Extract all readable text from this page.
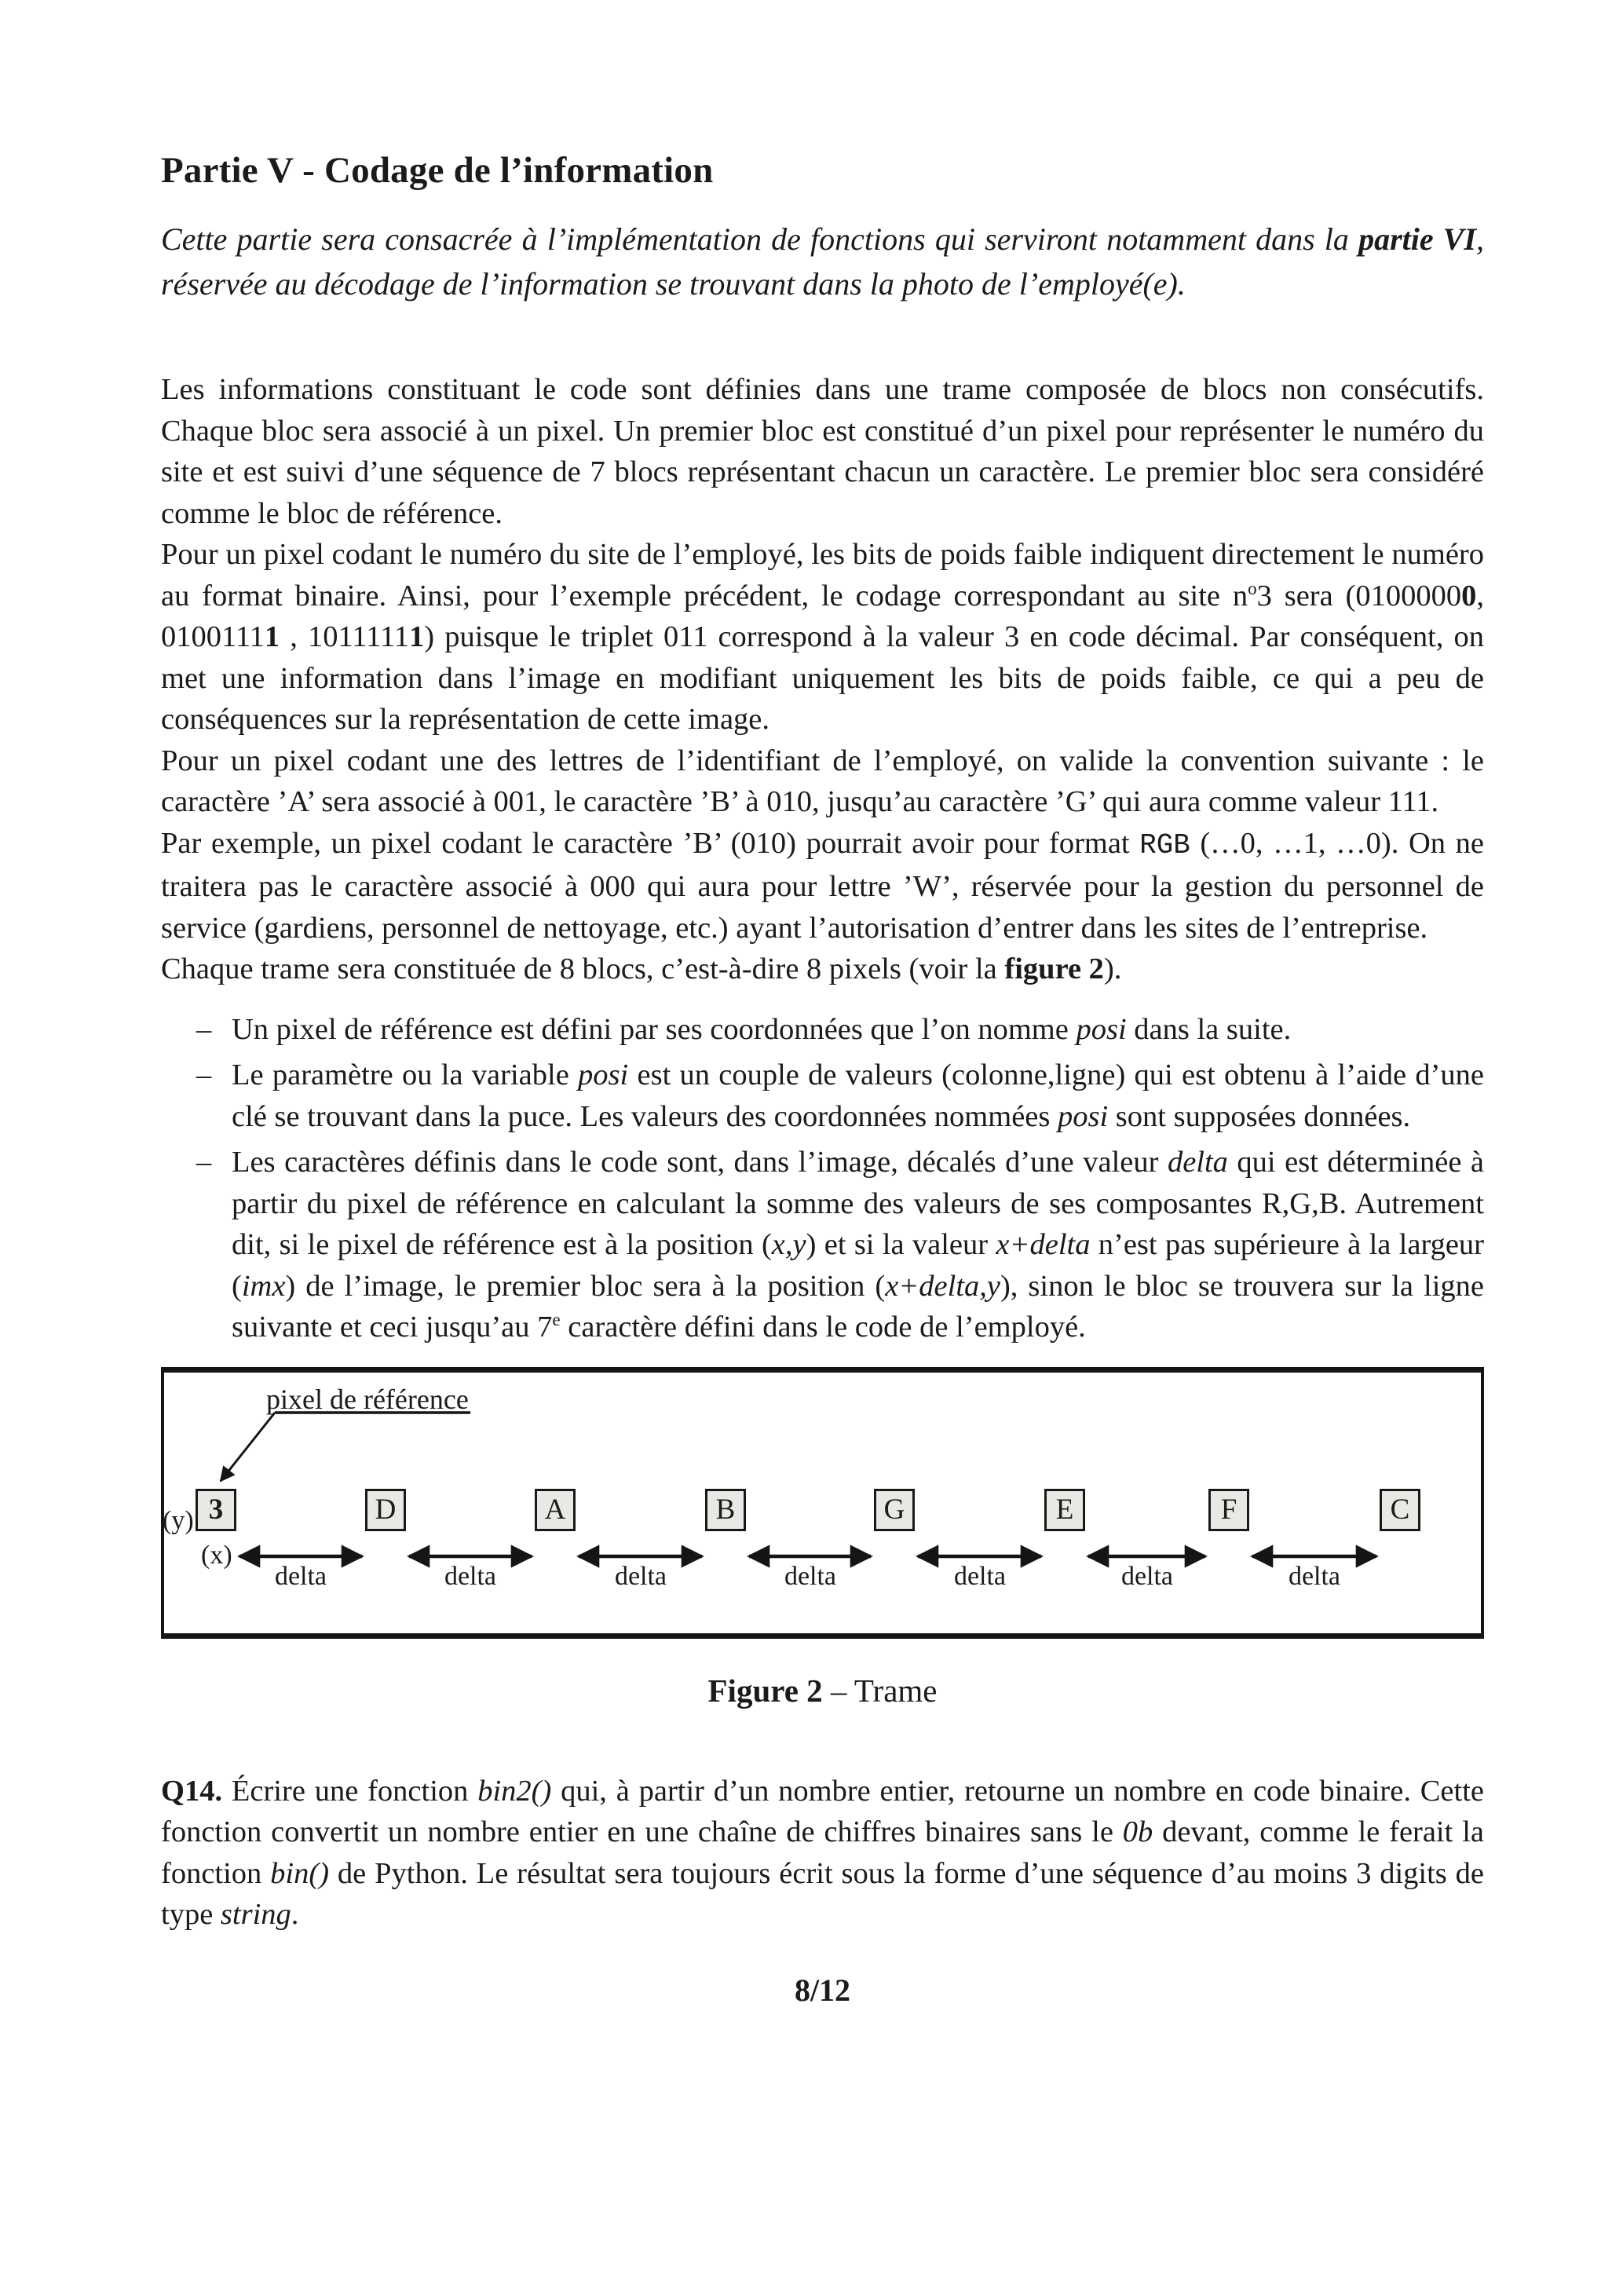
Partie V - Codage de l’information

Cette partie sera consacrée à l’implémentation de fonctions qui serviront notamment dans la partie VI, réservée au décodage de l’information se trouvant dans la photo de l’employé(e).

Les informations constituant le code sont définies dans une trame composée de blocs non consécutifs. Chaque bloc sera associé à un pixel. Un premier bloc est constitué d’un pixel pour représenter le numéro du site et est suivi d’une séquence de 7 blocs représentant chacun un caractère. Le premier bloc sera considéré comme le bloc de référence.

Pour un pixel codant le numéro du site de l’employé, les bits de poids faible indiquent directement le numéro au format binaire. Ainsi, pour l’exemple précédent, le codage correspondant au site $n^o3$ sera (01000000, 01001111 , 10111111) puisque le triplet 011 correspond à la valeur 3 en code décimal. Par conséquent, on met une information dans l’image en modifiant uniquement les bits de poids faible, ce qui a peu de conséquences sur la représentation de cette image.

Pour un pixel codant une des lettres de l’identifiant de l’employé, on valide la convention suivante : le caractère ’A’ sera associé à 001, le caractère ’B’ à 010, jusqu’au caractère ’G’ qui aura comme valeur 111.

Par exemple, un pixel codant le caractère ’B’ (010) pourrait avoir pour format RGB (…0, …1, …0). On ne traitera pas le caractère associé à 000 qui aura pour lettre ’W’, réservée pour la gestion du personnel de service (gardiens, personnel de nettoyage, etc.) ayant l’autorisation d’entrer dans les sites de l’entreprise.

Chaque trame sera constituée de 8 blocs, c’est-à-dire 8 pixels (voir la figure 2).

– Un pixel de référence est défini par ses coordonnées que l’on nomme posi dans la suite.
– Le paramètre ou la variable posi est un couple de valeurs (colonne,ligne) qui est obtenu à l’aide d’une clé se trouvant dans la puce. Les valeurs des coordonnées nommées posi sont supposées données.
– Les caractères définis dans le code sont, dans l’image, décalés d’une valeur delta qui est déterminée à partir du pixel de référence en calculant la somme des valeurs de ses composantes R,G,B. Autrement dit, si le pixel de référence est à la position (x,y) et si la valeur x+delta n’est pas supérieure à la largeur (imx) de l’image, le premier bloc sera à la position (x+delta,y), sinon le bloc se trouvera sur la ligne suivante et ceci jusqu’au 7e caractère défini dans le code de l’employé.
pixel de référence
(y)
(x)
3	D	A	B	G	E	F	C
delta	delta	delta	delta	delta	delta	delta
Figure 2 – Trame

Q14. Écrire une fonction bin2() qui, à partir d’un nombre entier, retourne un nombre en code binaire. Cette fonction convertit un nombre entier en une chaîne de chiffres binaires sans le 0b devant, comme le ferait la fonction bin() de Python. Le résultat sera toujours écrit sous la forme d’une séquence d’au moins 3 digits de type string.

8/12
